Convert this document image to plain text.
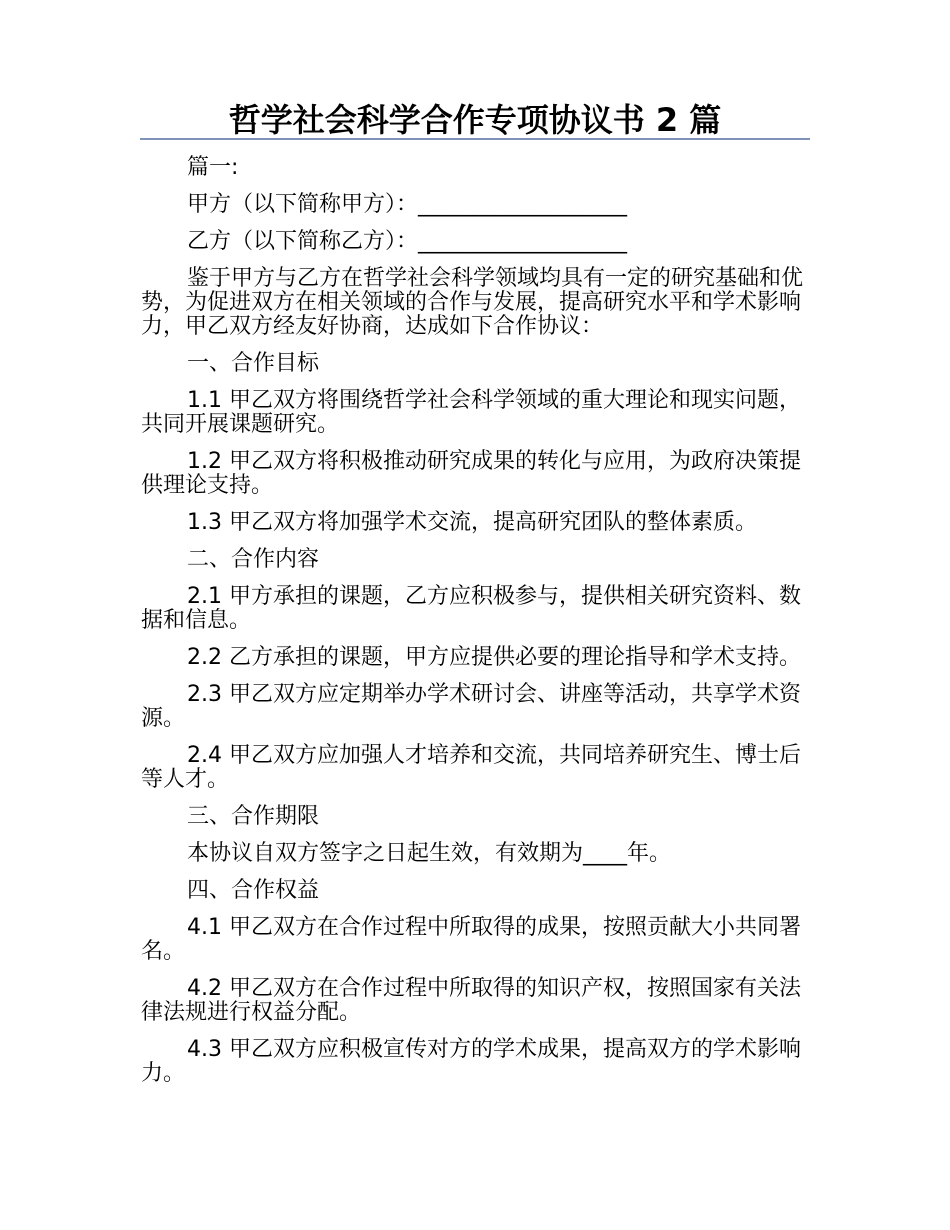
哲学社会科学合作专项协议书 2 篇

篇一:

甲方（以下简称甲方）：___________________

乙方（以下简称乙方）：___________________

鉴于甲方与乙方在哲学社会科学领域均具有一定的研究基础和优势，为促进双方在相关领域的合作与发展，提高研究水平和学术影响力，甲乙双方经友好协商，达成如下合作协议：

一、合作目标

1.1 甲乙双方将围绕哲学社会科学领域的重大理论和现实问题，共同开展课题研究。

1.2 甲乙双方将积极推动研究成果的转化与应用，为政府决策提供理论支持。

1.3 甲乙双方将加强学术交流，提高研究团队的整体素质。

二、合作内容

2.1 甲方承担的课题，乙方应积极参与，提供相关研究资料、数据和信息。

2.2 乙方承担的课题，甲方应提供必要的理论指导和学术支持。

2.3 甲乙双方应定期举办学术研讨会、讲座等活动，共享学术资源。

2.4 甲乙双方应加强人才培养和交流，共同培养研究生、博士后等人才。

三、合作期限

本协议自双方签字之日起生效，有效期为____年。

四、合作权益

4.1 甲乙双方在合作过程中所取得的成果，按照贡献大小共同署名。

4.2 甲乙双方在合作过程中所取得的知识产权，按照国家有关法律法规进行权益分配。

4.3 甲乙双方应积极宣传对方的学术成果，提高双方的学术影响力。
